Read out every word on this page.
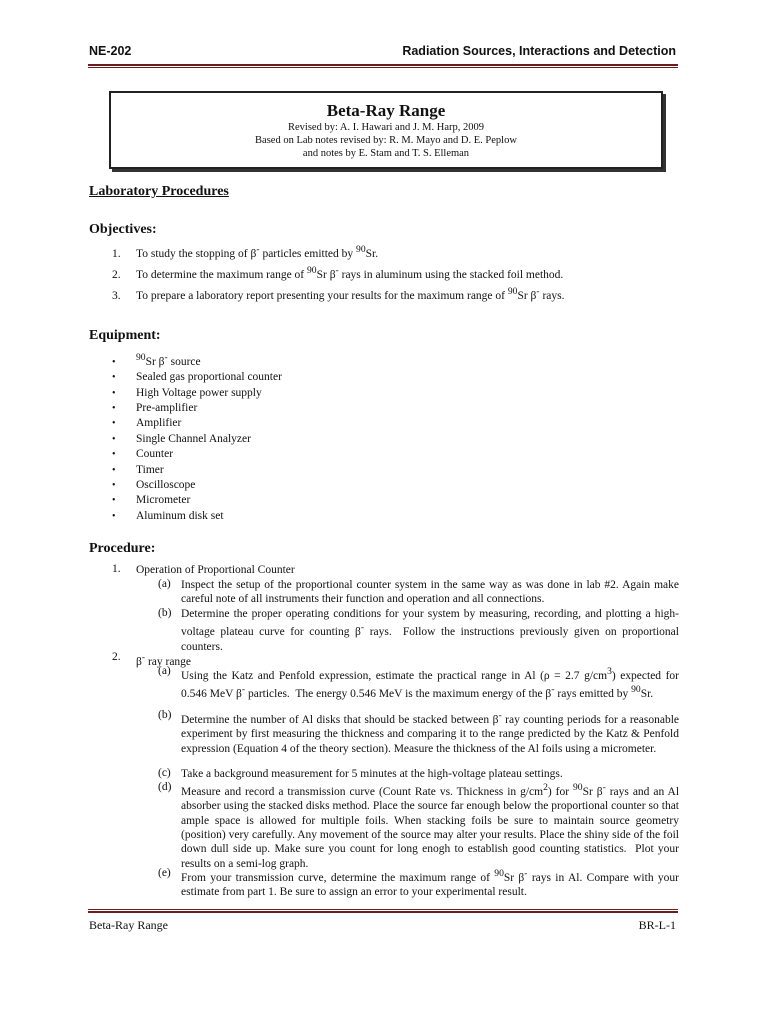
NE-202	Radiation Sources, Interactions and Detection
Beta-Ray Range
Revised by: A. I. Hawari and J. M. Harp, 2009
Based on Lab notes revised by: R. M. Mayo and D. E. Peplow
and notes by E. Stam and T. S. Elleman
Laboratory Procedures
Objectives:
1. To study the stopping of β- particles emitted by $^{90}$Sr.
2. To determine the maximum range of $^{90}$Sr β- rays in aluminum using the stacked foil method.
3. To prepare a laboratory report presenting your results for the maximum range of $^{90}$Sr β- rays.
Equipment:
• $^{90}$Sr β- source
• Sealed gas proportional counter
• High Voltage power supply
• Pre-amplifier
• Amplifier
• Single Channel Analyzer
• Counter
• Timer
• Oscilloscope
• Micrometer
• Aluminum disk set
Procedure:
1. Operation of Proportional Counter
(a) Inspect the setup of the proportional counter system in the same way as was done in lab #2. Again make careful note of all instruments their function and operation and all connections.
(b) Determine the proper operating conditions for your system by measuring, recording, and plotting a high-voltage plateau curve for counting β- rays.  Follow the instructions previously given on proportional counters.
2. β- ray range
(a) Using the Katz and Penfold expression, estimate the practical range in Al (ρ = 2.7 $g/cm^3$) expected for 0.546 MeV β- particles.  The energy 0.546 MeV is the maximum energy of the β- rays emitted by $^{90}$Sr.
(b) Determine the number of Al disks that should be stacked between β- ray counting periods for a reasonable experiment by first measuring the thickness and comparing it to the range predicted by the Katz & Penfold expression (Equation 4 of the theory section). Measure the thickness of the Al foils using a micrometer.
(c) Take a background measurement for 5 minutes at the high-voltage plateau settings.
(d) Measure and record a transmission curve (Count Rate vs. Thickness in $g/cm^2$) for $^{90}$Sr β- rays and an Al absorber using the stacked disks method. Place the source far enough below the proportional counter so that ample space is allowed for multiple foils. When stacking foils be sure to maintain source geometry (position) very carefully. Any movement of the source may alter your results. Place the shiny side of the foil down dull side up. Make sure you count for long enogh to establish good counting statistics.  Plot your results on a semi-log graph.
(e) From your transmission curve, determine the maximum range of $^{90}$Sr β- rays in Al. Compare with your estimate from part 1. Be sure to assign an error to your experimental result.
Beta-Ray Range	BR-L-1
